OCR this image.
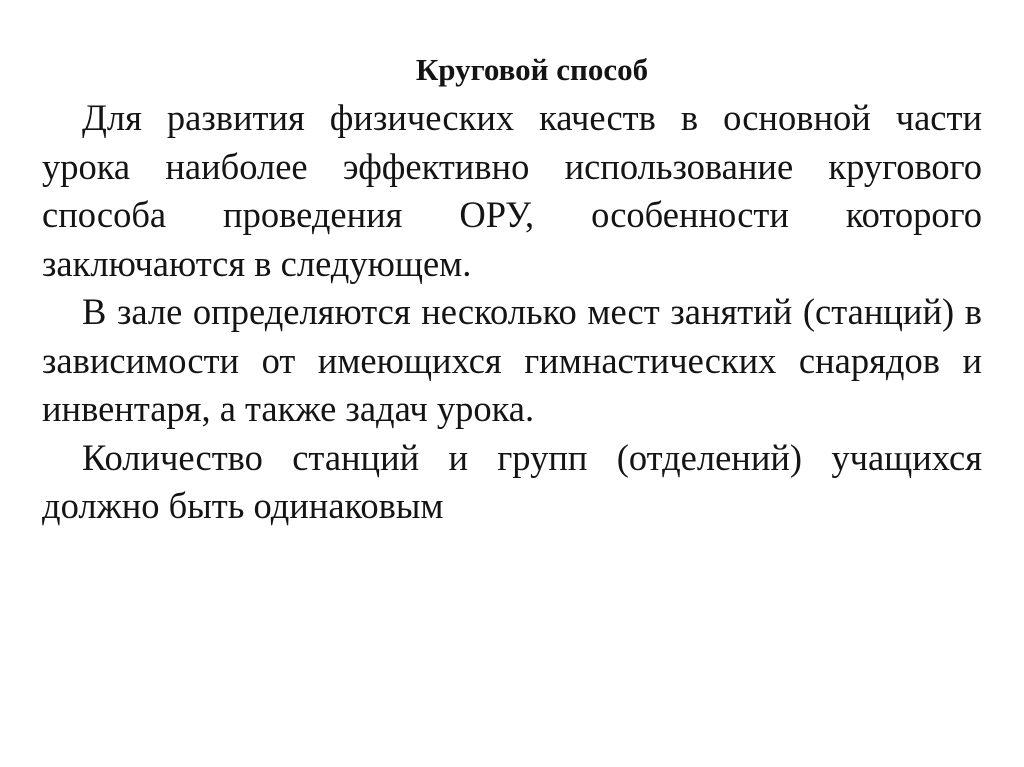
Круговой способ

Для развития физических качеств в основной части урока наиболее эффективно использование кругового способа проведения ОРУ, особенности которого заключаются в следующем.

В зале определяются несколько мест занятий (станций) в зависимости от имеющихся гимнастических снарядов и инвентаря, а также задач урока.

Количество станций и групп (отделений) учащихся должно быть одинаковым
